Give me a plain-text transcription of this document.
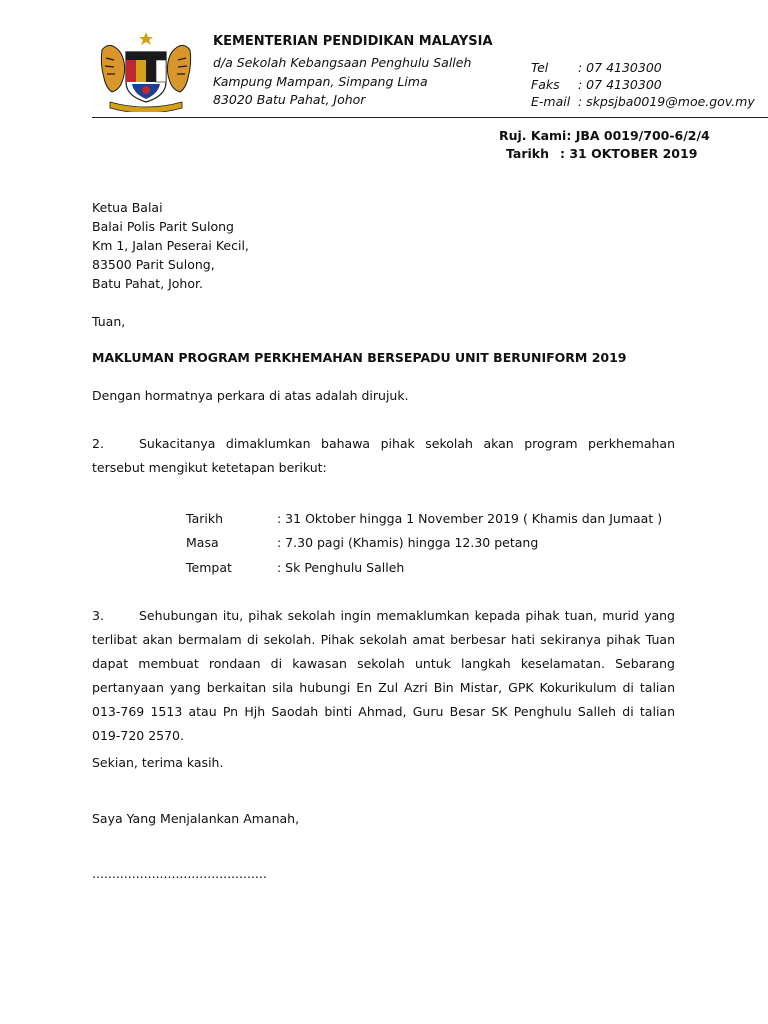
KEMENTERIAN PENDIDIKAN MALAYSIA
d/a Sekolah Kebangsaan Penghulu Salleh
Kampung Mampan, Simpang Lima
83020 Batu Pahat, Johor
Tel : 07 4130300
Faks : 07 4130300
E-mail : skpsjba0019@moe.gov.my
Ruj. Kami: JBA 0019/700-6/2/4
Tarikh : 31 OKTOBER 2019
Ketua Balai
Balai Polis Parit Sulong
Km 1, Jalan Peserai Kecil,
83500 Parit Sulong,
Batu Pahat, Johor.
Tuan,
MAKLUMAN PROGRAM PERKHEMAHAN BERSEPADU UNIT BERUNIFORM 2019
Dengan hormatnya perkara di atas adalah dirujuk.
2.	Sukacitanya dimaklumkan bahawa pihak sekolah akan program perkhemahan tersebut mengikut ketetapan berikut:
Tarikh	: 31 Oktober hingga 1 November 2019 ( Khamis dan Jumaat )
Masa	: 7.30 pagi (Khamis) hingga 12.30 petang
Tempat	: Sk Penghulu Salleh
3.	Sehubungan itu, pihak sekolah ingin memaklumkan kepada pihak tuan, murid yang terlibat akan bermalam di sekolah. Pihak sekolah amat berbesar hati sekiranya pihak Tuan dapat membuat rondaan di kawasan sekolah untuk langkah keselamatan. Sebarang pertanyaan yang berkaitan sila hubungi En Zul Azri Bin Mistar, GPK Kokurikulum di talian 013-769 1513 atau Pn Hjh Saodah binti Ahmad, Guru Besar SK Penghulu Salleh di talian 019-720 2570.
Sekian, terima kasih.
Saya Yang Menjalankan Amanah,
............................................
